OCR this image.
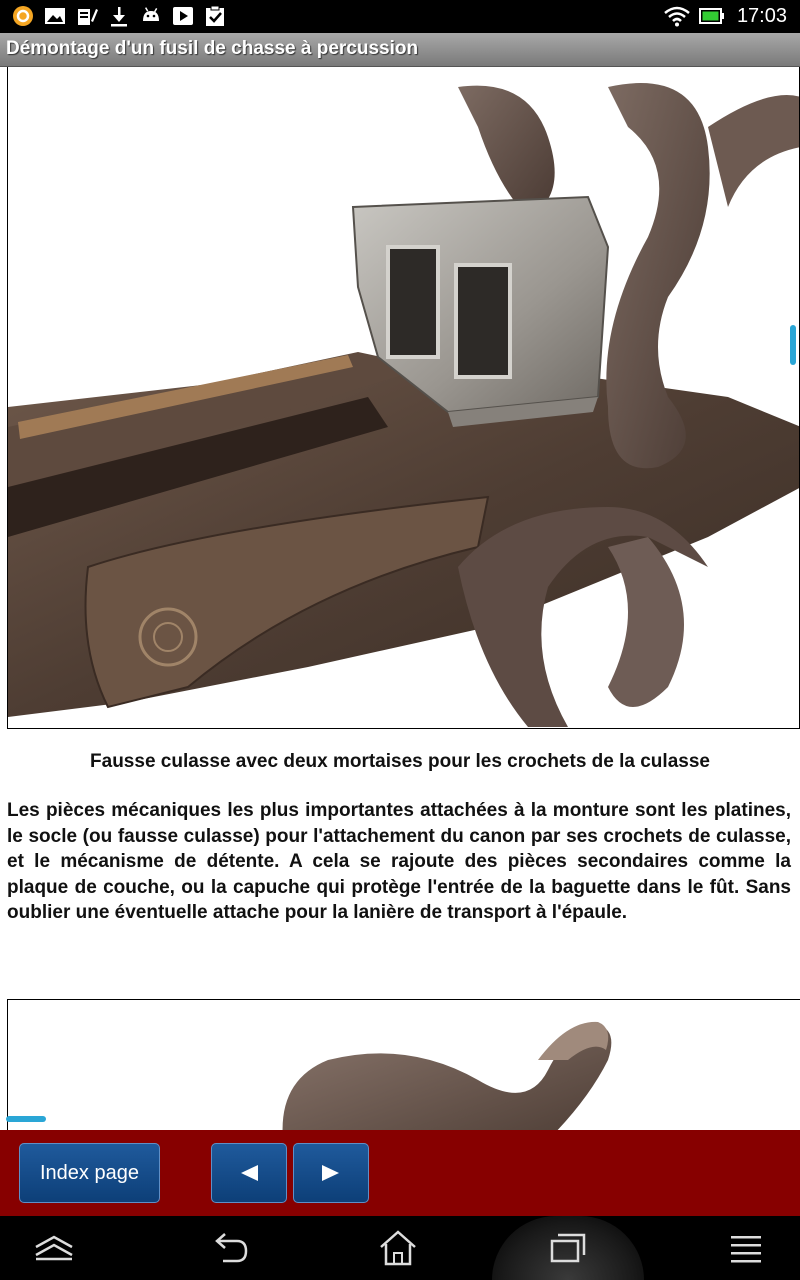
17:03
Démontage d'un fusil de chasse à percussion

Fausse culasse avec deux mortaises pour les crochets de la culasse

Les pièces mécaniques les plus importantes attachées à la monture sont les platines, le socle (ou fausse culasse) pour l'attachement du canon par ses crochets de culasse, et le mécanisme de détente. A cela se rajoute des pièces secondaires comme la plaque de couche, ou la capuche qui protège l'entrée de la baguette dans le fût. Sans oublier une éventuelle attache pour la lanière de transport à l'épaule.

Index page
